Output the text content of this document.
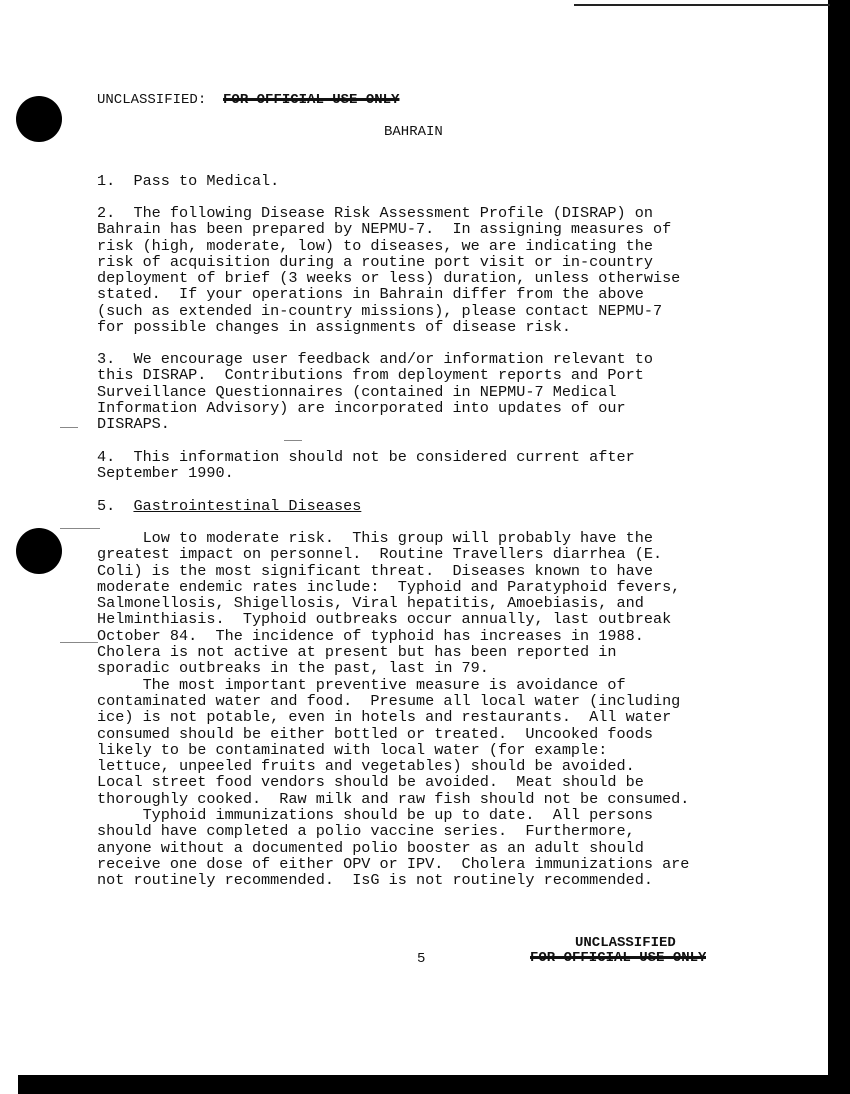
UNCLASSIFIED: FOR OFFICIAL USE ONLY
BAHRAIN
1.  Pass to Medical.
2.  The following Disease Risk Assessment Profile (DISRAP) on
Bahrain has been prepared by NEPMU-7.  In assigning measures of
risk (high, moderate, low) to diseases, we are indicating the
risk of acquisition during a routine port visit or in-country
deployment of brief (3 weeks or less) duration, unless otherwise
stated.  If your operations in Bahrain differ from the above
(such as extended in-country missions), please contact NEPMU-7
for possible changes in assignments of disease risk.
3.  We encourage user feedback and/or information relevant to
this DISRAP.  Contributions from deployment reports and Port
Surveillance Questionnaires (contained in NEPMU-7 Medical
Information Advisory) are incorporated into updates of our
DISRAPS.
4.  This information should not be considered current after
September 1990.
5. Gastrointestinal Diseases
Low to moderate risk.  This group will probably have the
greatest impact on personnel.  Routine Travellers diarrhea (E.
Coli) is the most significant threat.  Diseases known to have
moderate endemic rates include:  Typhoid and Paratyphoid fevers,
Salmonellosis, Shigellosis, Viral hepatitis, Amoebiasis, and
Helminthiasis.  Typhoid outbreaks occur annually, last outbreak
October 84.  The incidence of typhoid has increases in 1988.
Cholera is not active at present but has been reported in
sporadic outbreaks in the past, last in 79.
The most important preventive measure is avoidance of
contaminated water and food.  Presume all local water (including
ice) is not potable, even in hotels and restaurants.  All water
consumed should be either bottled or treated.  Uncooked foods
likely to be contaminated with local water (for example:
lettuce, unpeeled fruits and vegetables) should be avoided.
Local street food vendors should be avoided.  Meat should be
thoroughly cooked.  Raw milk and raw fish should not be consumed.
Typhoid immunizations should be up to date.  All persons
should have completed a polio vaccine series.  Furthermore,
anyone without a documented polio booster as an adult should
receive one dose of either OPV or IPV.  Cholera immunizations are
not routinely recommended.  IsG is not routinely recommended.
5
UNCLASSIFIED
FOR OFFICIAL USE ONLY
